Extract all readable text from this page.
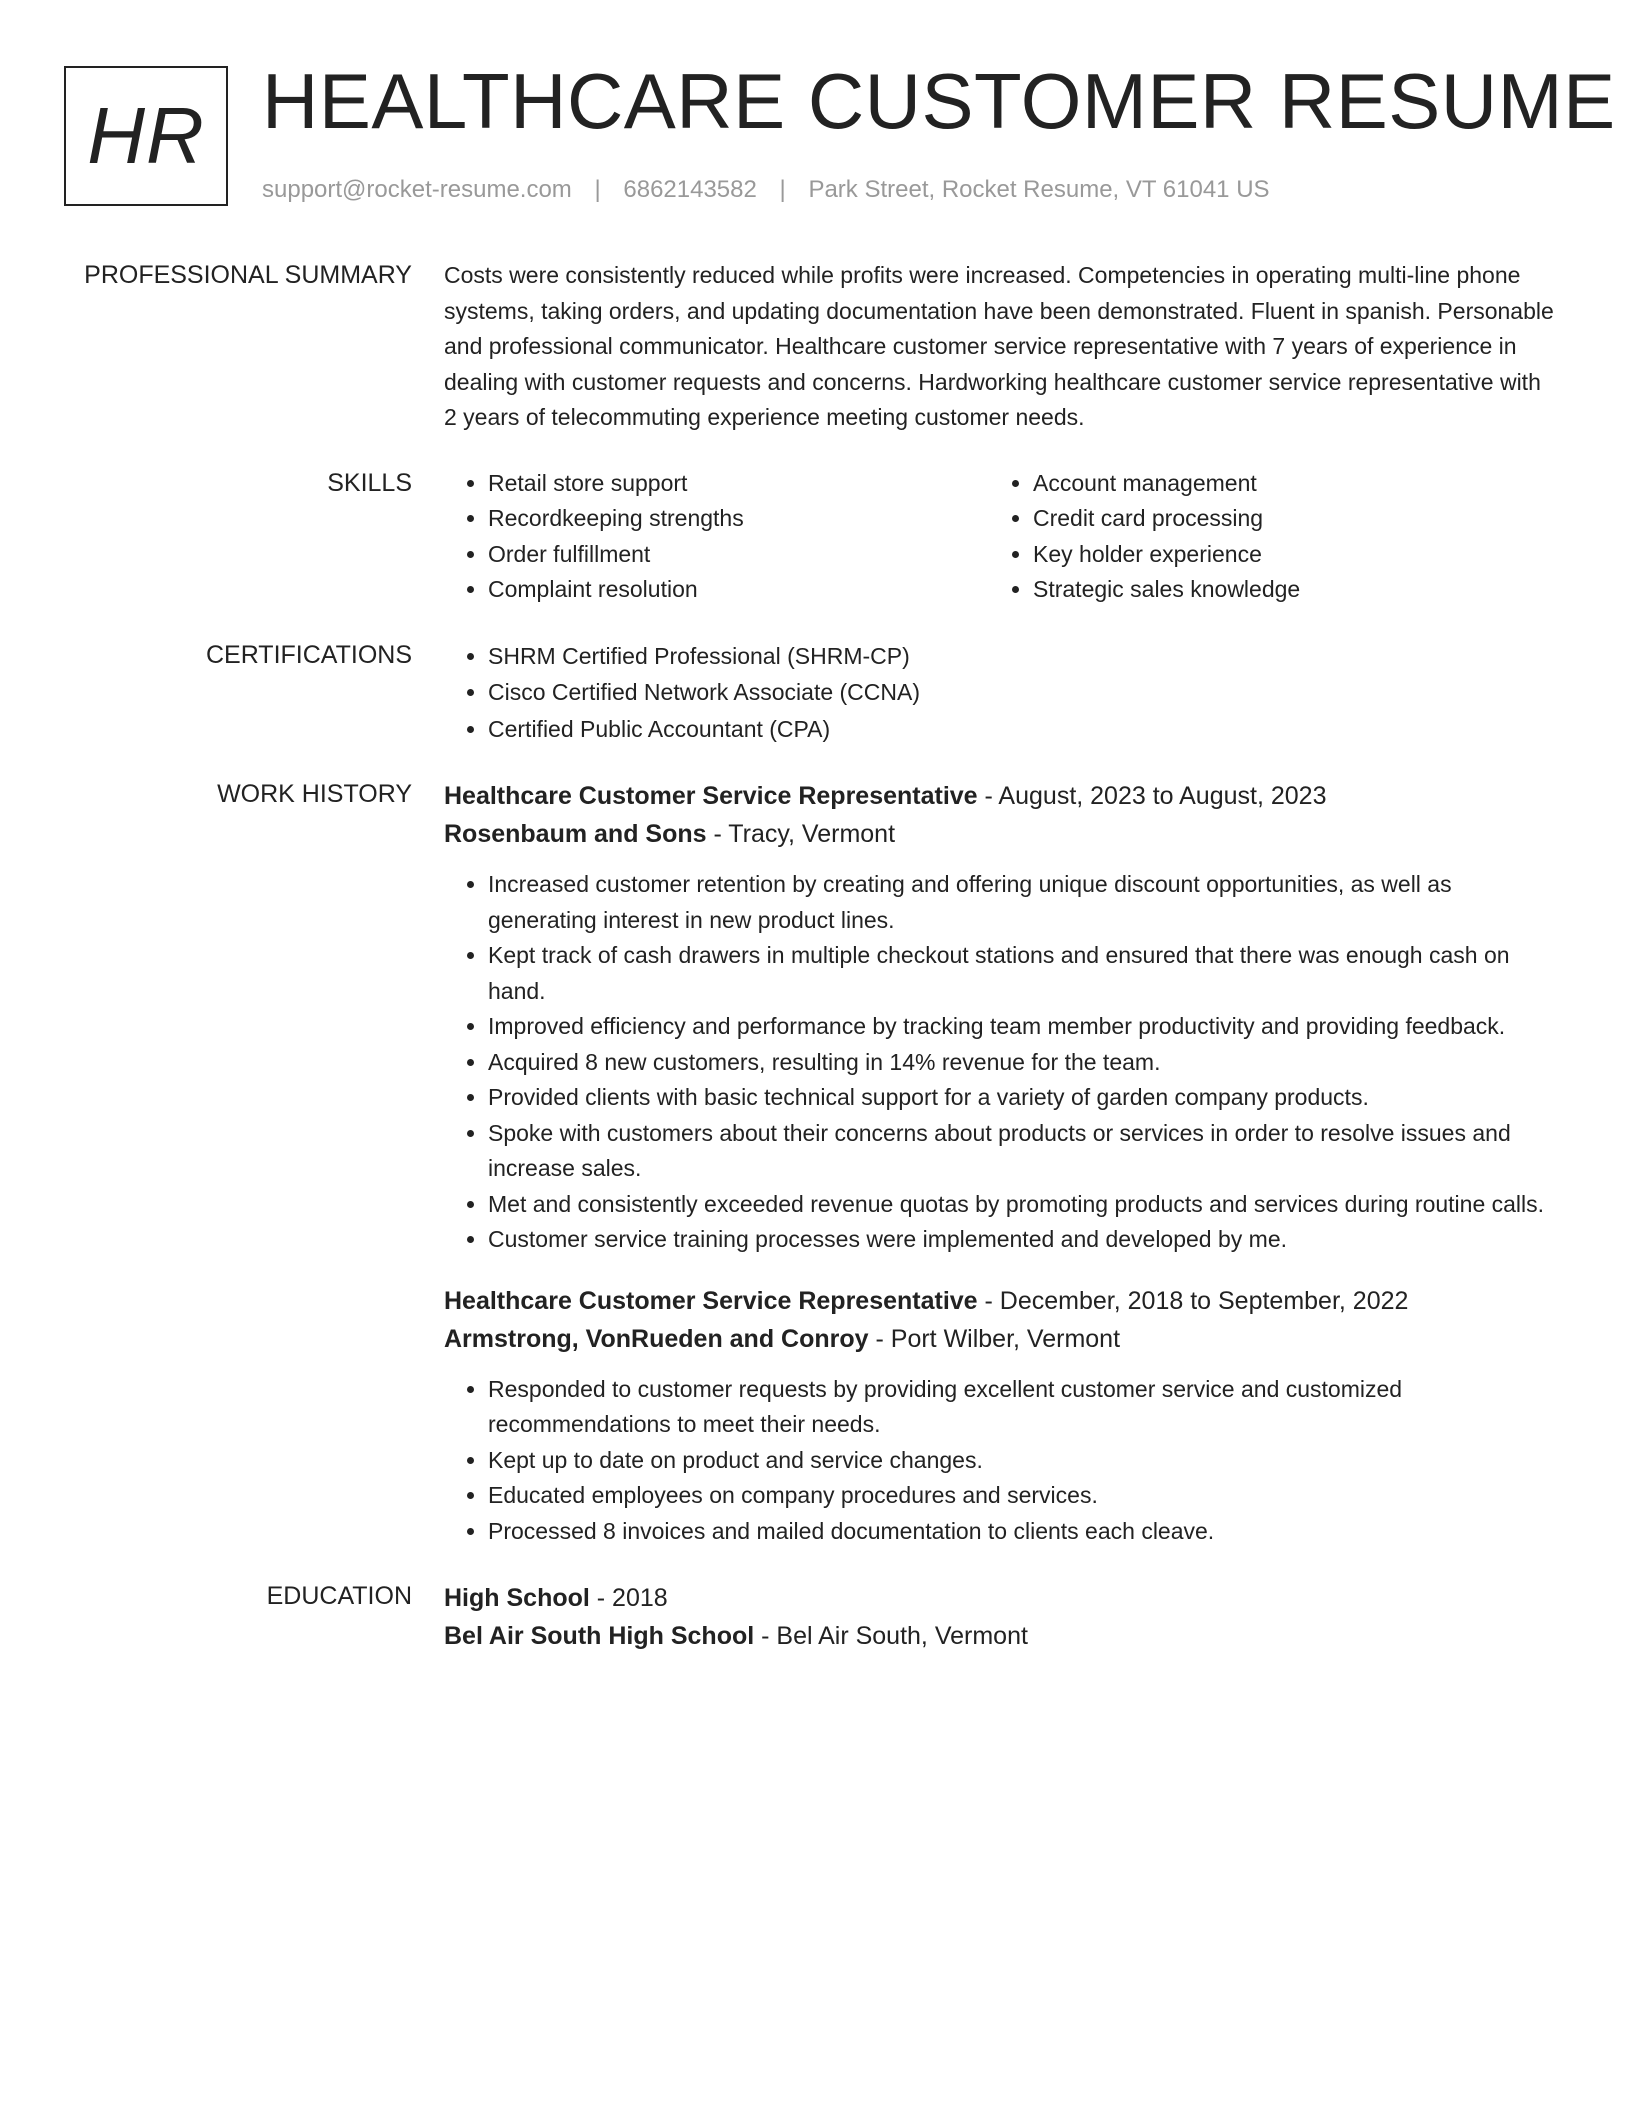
HR HEALTHCARE CUSTOMER RESUME
support@rocket-resume.com | 6862143582 | Park Street, Rocket Resume, VT 61041 US
PROFESSIONAL SUMMARY Costs were consistently reduced while profits were increased. Competencies in operating multi-line phone systems, taking orders, and updating documentation have been demonstrated. Fluent in spanish. Personable and professional communicator. Healthcare customer service representative with 7 years of experience in dealing with customer requests and concerns. Hardworking healthcare customer service representative with 2 years of telecommuting experience meeting customer needs.

SKILLS	• Retail store support
• Recordkeeping strengths
• Order fulfillment
• Complaint resolution
• Account management
• Credit card processing
• Key holder experience
• Strategic sales knowledge
CERTIFICATIONS	• SHRM Certified Professional (SHRM-CP)
• Cisco Certified Network Associate (CCNA)
• Certified Public Accountant (CPA)
WORK HISTORY Healthcare Customer Service Representative - August, 2023 to August, 2023
Rosenbaum and Sons - Tracy, Vermont
• Increased customer retention by creating and offering unique discount opportunities, as well as generating interest in new product lines.
• Kept track of cash drawers in multiple checkout stations and ensured that there was enough cash on hand.
• Improved efficiency and performance by tracking team member productivity and providing feedback.
• Acquired 8 new customers, resulting in 14% revenue for the team.
• Provided clients with basic technical support for a variety of garden company products.
• Spoke with customers about their concerns about products or services in order to resolve issues and increase sales.
• Met and consistently exceeded revenue quotas by promoting products and services during routine calls.
• Customer service training processes were implemented and developed by me.
Healthcare Customer Service Representative - December, 2018 to September, 2022
Armstrong, VonRueden and Conroy - Port Wilber, Vermont
• Responded to customer requests by providing excellent customer service and customized recommendations to meet their needs.
• Kept up to date on product and service changes.
• Educated employees on company procedures and services.
• Processed 8 invoices and mailed documentation to clients each cleave.
EDUCATION High School - 2018
Bel Air South High School - Bel Air South, Vermont
